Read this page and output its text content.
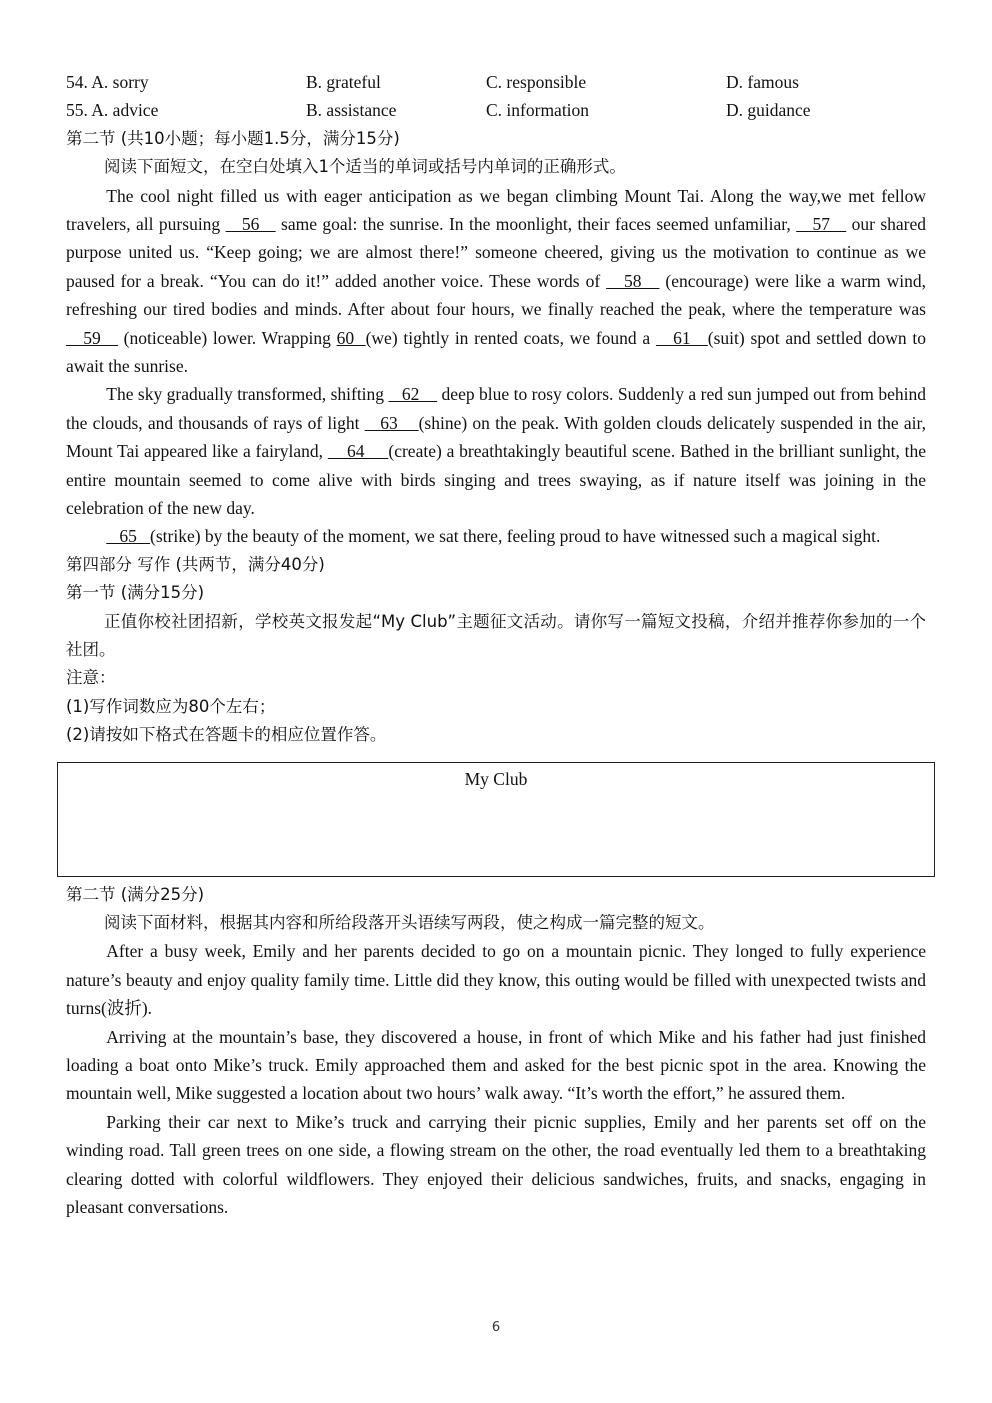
54. A. sorry	B. grateful	C. responsible	D. famous
55. A. advice	B. assistance	C. information	D. guidance
第二节 (共10小题；每小题1.5分，满分15分)
阅读下面短文，在空白处填入1个适当的单词或括号内单词的正确形式。

The cool night filled us with eager anticipation as we began climbing Mount Tai. Along the way,we met fellow travelers, all pursuing    56    same goal: the sunrise. In the moonlight, their faces seemed unfamiliar,    57    our shared purpose united us. “Keep going; we are almost there!” someone cheered, giving us the motivation to continue as we paused for a break. “You can do it!” added another voice. These words of    58    (encourage) were like a warm wind, refreshing our tired bodies and minds. After about four hours, we finally reached the peak, where the temperature was    59    (noticeable) lower. Wrapping 60  (we) tightly in rented coats, we found a    61   (suit) spot and settled down to await the sunrise.

The sky gradually transformed, shifting    62     deep blue to rosy colors. Suddenly a red sun jumped out from behind the clouds, and thousands of rays of light    63    (shine) on the peak. With golden clouds delicately suspended in the air, Mount Tai appeared like a fairyland,     64     (create) a breathtakingly beautiful scene. Bathed in the brilliant sunlight, the entire mountain seemed to come alive with birds singing and trees swaying, as if nature itself was joining in the celebration of the new day.

65   (strike) by the beauty of the moment, we sat there, feeling proud to have witnessed such a magical sight.

第四部分 写作 (共两节，满分40分)
第一节 (满分15分)

正值你校社团招新，学校英文报发起“My Club”主题征文活动。请你写一篇短文投稿，介绍并推荐你参加的一个社团。

注意：
(1)写作词数应为80个左右；
(2)请按如下格式在答题卡的相应位置作答。
My Club
第二节 (满分25分)
阅读下面材料，根据其内容和所给段落开头语续写两段，使之构成一篇完整的短文。

After a busy week, Emily and her parents decided to go on a mountain picnic. They longed to fully experience nature’s beauty and enjoy quality family time. Little did they know, this outing would be filled with unexpected twists and turns(波折).

Arriving at the mountain’s base, they discovered a house, in front of which Mike and his father had just finished loading a boat onto Mike’s truck. Emily approached them and asked for the best picnic spot in the area. Knowing the mountain well, Mike suggested a location about two hours’ walk away. “It’s worth the effort,” he assured them.

Parking their car next to Mike’s truck and carrying their picnic supplies, Emily and her parents set off on the winding road. Tall green trees on one side, a flowing stream on the other, the road eventually led them to a breathtaking clearing dotted with colorful wildflowers. They enjoyed their delicious sandwiches, fruits, and snacks, engaging in pleasant conversations.

6
